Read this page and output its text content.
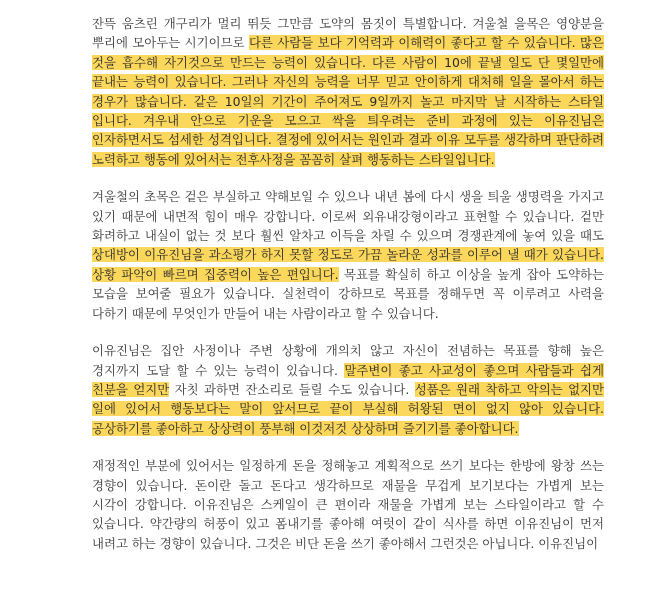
잔뜩 움츠린 개구리가 멀리 뛰듯 그만큼 도약의 몸짓이 특별합니다. 겨울철 을목은 영양분을 뿌리에 모아두는 시기이므로 다른 사람들 보다 기억력과 이해력이 좋다고 할 수 있습니다. 많은 것을 흡수해 자기것으로 만드는 능력이 있습니다. 다른 사람이 10에 끝낼 일도 단 몇일만에 끝내는 능력이 있습니다. 그러나 자신의 능력을 너무 믿고 안이하게 대처해 일을 몰아서 하는 경우가 많습니다. 같은 10일의 기간이 주어져도 9일까지 놀고 마지막 날 시작하는 스타일 입니다. 겨우내 안으로 기운을 모으고 싹을 틔우려는 준비 과정에 있는 이유진님은 인자하면서도 섬세한 성격입니다. 결정에 있어서는 원인과 결과 이유 모두를 생각하며 판단하려 노력하고 행동에 있어서는 전후사정을 꼼꼼히 살펴 행동하는 스타일입니다.

겨울철의 초목은 겉은 부실하고 약해보일 수 있으나 내년 봄에 다시 생을 틔울 생명력을 가지고 있기 때문에 내면적 힘이 매우 강합니다. 이로써 외유내강형이라고 표현할 수 있습니다. 겉만 화려하고 내실이 없는 것 보다 훨씬 알차고 이득을 차릴 수 있으며 경쟁관계에 놓여 있을 때도 상대방이 이유진님을 과소평가 하지 못할 정도로 가끔 놀라운 성과를 이루어 낼 때가 있습니다. 상황 파악이 빠르며 집중력이 높은 편입니다. 목표를 확실히 하고 이상을 높게 잡아 도약하는 모습을 보여줄 필요가 있습니다. 실천력이 강하므로 목표를 정해두면 꼭 이루려고 사력을 다하기 때문에 무엇인가 만들어 내는 사람이라고 할 수 있습니다.

이유진님은 집안 사정이나 주변 상황에 개의치 않고 자신이 전념하는 목표를 향해 높은 경지까지 도달 할 수 있는 능력이 있습니다. 말주변이 좋고 사교성이 좋으며 사람들과 쉽게 친분을 얻지만 자칫 과하면 잔소리로 들릴 수도 있습니다. 성품은 원래 착하고 악의는 없지만 일에 있어서 행동보다는 말이 앞서므로 끝이 부실해 허왕된 면이 없지 않아 있습니다. 공상하기를 좋아하고 상상력이 풍부해 이것저것 상상하며 즐기기를 좋아합니다.

재정적인 부분에 있어서는 일정하게 돈을 정해놓고 계획적으로 쓰기 보다는 한방에 왕창 쓰는 경향이 있습니다. 돈이란 돌고 돈다고 생각하므로 재물을 무겁게 보기보다는 가볍게 보는 시각이 강합니다. 이유진님은 스케일이 큰 편이라 재물을 가볍게 보는 스타일이라고 할 수 있습니다. 약간량의 허풍이 있고 폼내기를 좋아해 여럿이 같이 식사를 하면 이유진님이 먼저 내려고 하는 경향이 있습니다. 그것은 비단 돈을 쓰기 좋아해서 그런것은 아닙니다. 이유진님이
